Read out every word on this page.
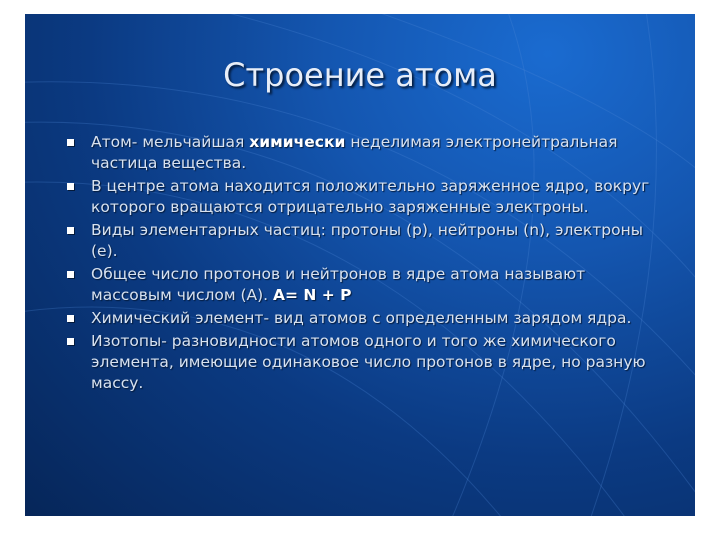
Строение атома
Атом- мельчайшая химически неделимая электронейтральная частица вещества.
В центре атома находится положительно заряженное ядро, вокруг которого вращаются отрицательно заряженные электроны.
Виды элементарных частиц: протоны (p), нейтроны (n), электроны (e).
Общее число протонов и нейтронов в ядре атома называют массовым числом (А). А= N + P
Химический элемент- вид атомов с определенным зарядом ядра.
Изотопы- разновидности атомов одного и того же химического элемента, имеющие одинаковое число протонов в ядре, но разную массу.
